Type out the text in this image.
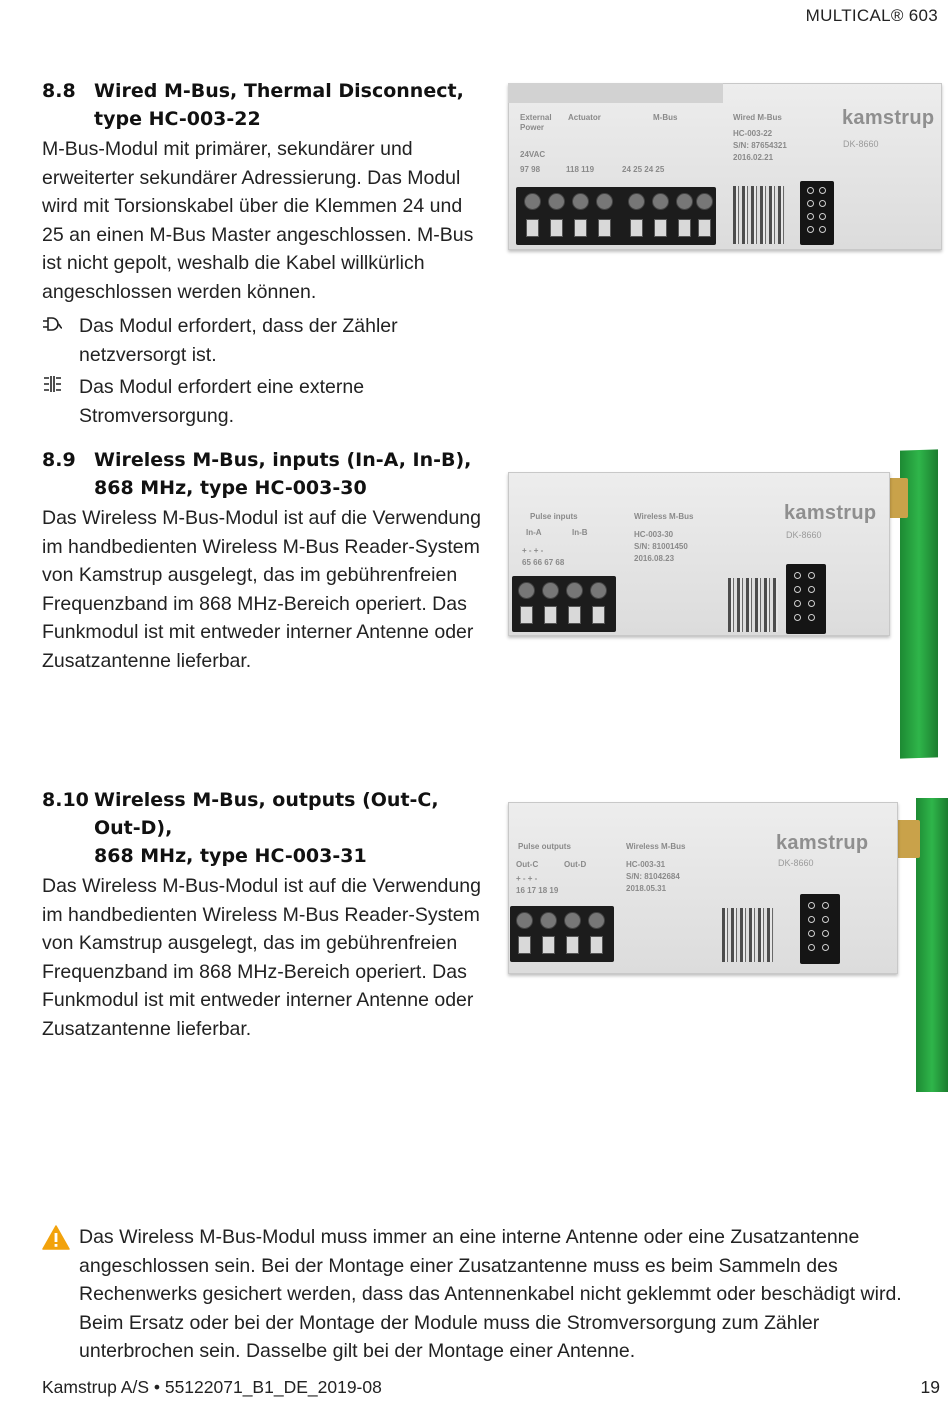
MULTICAL® 603
8.8 Wired M-Bus, Thermal Disconnect,
type HC-003-22
M-Bus-Modul mit primärer, sekundärer und erweiterter sekundärer Adressierung. Das Modul wird mit Torsionskabel über die Klemmen 24 und 25 an einen M-Bus Master angeschlossen. M-Bus ist nicht gepolt, weshalb die Kabel willkürlich angeschlossen werden können.
Das Modul erfordert, dass der Zähler netzversorgt ist.
Das Modul erfordert eine externe Stromversorgung.
External Power
Actuator	M-Bus
24VAC
97 98	118 119	24 25 24 25
Wired M-Bus
HC-003-22
S/N: 87654321
2016.02.21
kamstrup
DK-8660
8.9 Wireless M-Bus, inputs (In-A, In-B),
868 MHz, type HC-003-30
Das Wireless M-Bus-Modul ist auf die Verwendung im handbedienten Wireless M-Bus Reader-System von Kamstrup ausgelegt, das im gebührenfreien Frequenzband im 868 MHz-Bereich operiert. Das Funkmodul ist mit entweder interner Antenne oder Zusatzantenne lieferbar.
Pulse inputs
In-A	In-B
+ - + -
65 66 67 68
Wireless M-Bus
HC-003-30
S/N: 81001450
2016.08.23
kamstrup
DK-8660
8.10 Wireless M-Bus, outputs (Out-C, Out-D),
868 MHz, type HC-003-31
Das Wireless M-Bus-Modul ist auf die Verwendung im handbedienten Wireless M-Bus Reader-System von Kamstrup ausgelegt, das im gebührenfreien Frequenzband im 868 MHz-Bereich operiert. Das Funkmodul ist mit entweder interner Antenne oder Zusatzantenne lieferbar.
Pulse outputs
Out-C	Out-D
+ - + -
16 17 18 19
Wireless M-Bus
HC-003-31
S/N: 81042684
2018.05.31
kamstrup
DK-8660
Das Wireless M-Bus-Modul muss immer an eine interne Antenne oder eine Zusatzantenne angeschlossen sein. Bei der Montage einer Zusatzantenne muss es beim Sammeln des Rechenwerks gesichert werden, dass das Antennenkabel nicht geklemmt oder beschädigt wird. Beim Ersatz oder bei der Montage der Module muss die Stromversorgung zum Zähler unterbrochen sein. Dasselbe gilt bei der Montage einer Antenne.
Kamstrup A/S • 55122071_B1_DE_2019-08	19
